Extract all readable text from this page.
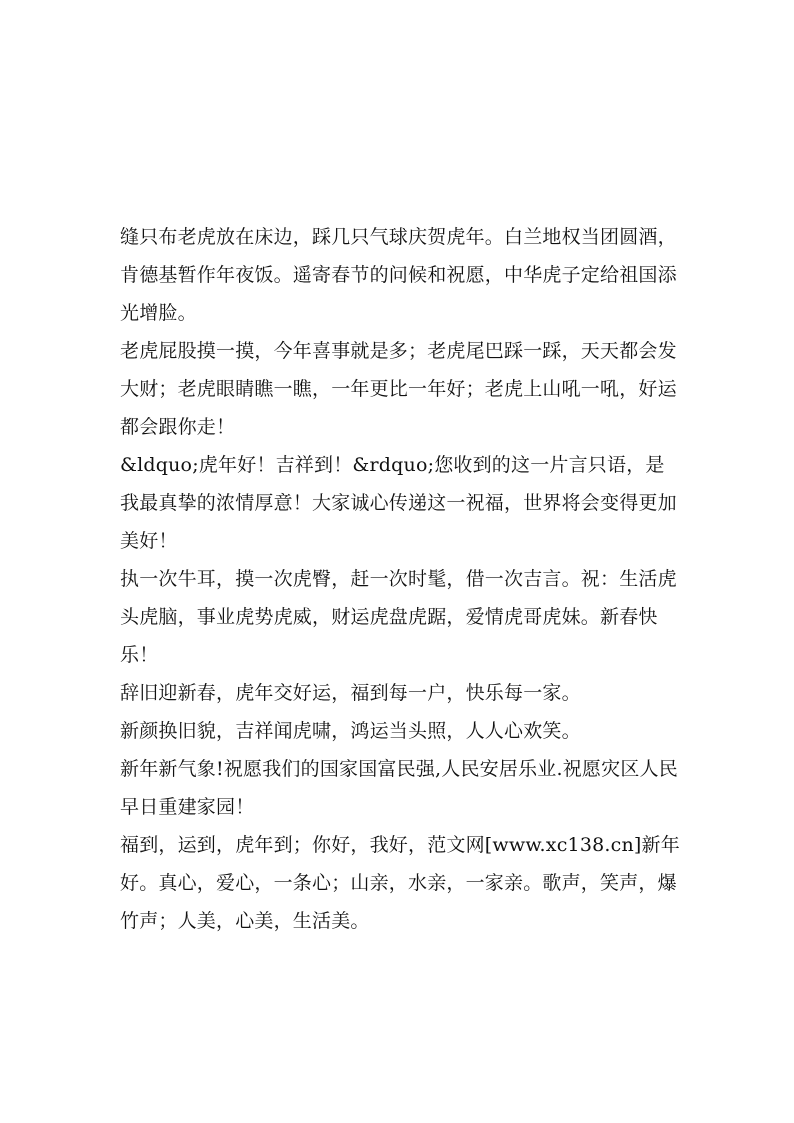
缝只布老虎放在床边，踩几只气球庆贺虎年。白兰地权当团圆酒，肯德基暂作年夜饭。遥寄春节的问候和祝愿，中华虎子定给祖国添光增脸。

老虎屁股摸一摸，今年喜事就是多；老虎尾巴踩一踩，天天都会发大财；老虎眼睛瞧一瞧，一年更比一年好；老虎上山吼一吼，好运都会跟你走！

&ldquo;虎年好！吉祥到！&rdquo;您收到的这一片言只语，是我最真挚的浓情厚意！大家诚心传递这一祝福，世界将会变得更加美好！

执一次牛耳，摸一次虎臀，赶一次时髦，借一次吉言。祝：生活虎头虎脑，事业虎势虎威，财运虎盘虎踞，爱情虎哥虎妹。新春快乐！

辞旧迎新春，虎年交好运，福到每一户，快乐每一家。

新颜换旧貌，吉祥闻虎啸，鸿运当头照，人人心欢笑。

新年新气象!祝愿我们的国家国富民强,人民安居乐业.祝愿灾区人民早日重建家园！

福到，运到，虎年到；你好，我好，范文网[www.xc138.cn]新年好。真心，爱心，一条心；山亲，水亲，一家亲。歌声，笑声，爆竹声；人美，心美，生活美。
